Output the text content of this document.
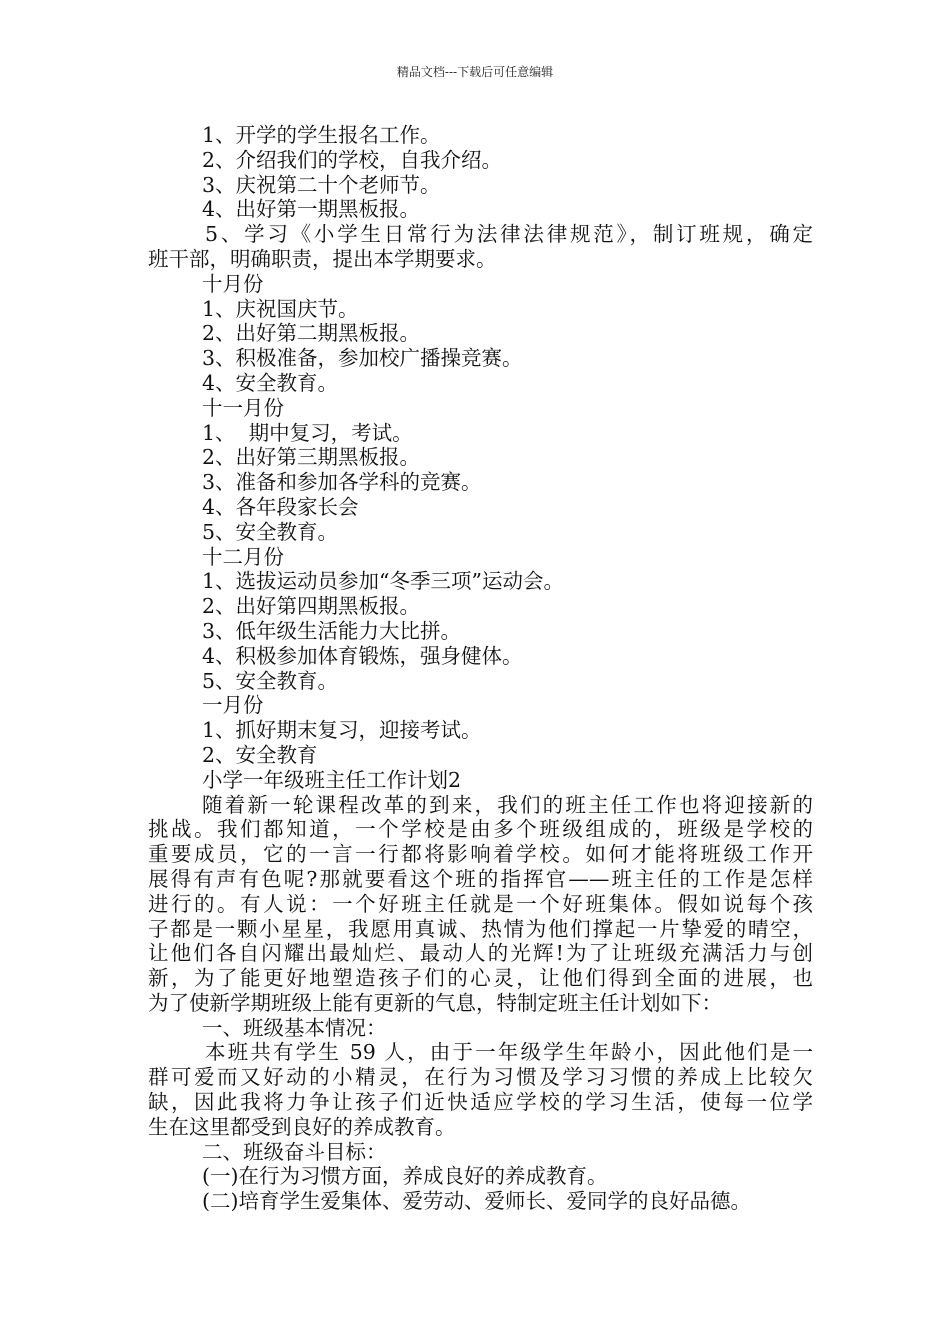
精品文档---下载后可任意编辑
1、开学的学生报名工作。
2、介绍我们的学校，自我介绍。
3、庆祝第二十个老师节。
4、出好第一期黑板报。
5、学习《小学生日常行为法律法律规范》，制订班规，确定
班干部，明确职责，提出本学期要求。
十月份
1、庆祝国庆节。
2、出好第二期黑板报。
3、积极准备，参加校广播操竞赛。
4、安全教育。
十一月份
1、  期中复习，考试。
2、出好第三期黑板报。
3、准备和参加各学科的竞赛。
4、各年段家长会
5、安全教育。
十二月份
1、选拔运动员参加“冬季三项”运动会。
2、出好第四期黑板报。
3、低年级生活能力大比拼。
4、积极参加体育锻炼，强身健体。
5、安全教育。
一月份
1、抓好期末复习，迎接考试。
2、安全教育
小学一年级班主任工作计划2
随着新一轮课程改革的到来，我们的班主任工作也将迎接新的
挑战。我们都知道，一个学校是由多个班级组成的，班级是学校的
重要成员，它的一言一行都将影响着学校。如何才能将班级工作开
展得有声有色呢?那就要看这个班的指挥官——班主任的工作是怎样
进行的。有人说：一个好班主任就是一个好班集体。假如说每个孩
子都是一颗小星星，我愿用真诚、热情为他们撑起一片挚爱的晴空，
让他们各自闪耀出最灿烂、最动人的光辉!为了让班级充满活力与创
新，为了能更好地塑造孩子们的心灵，让他们得到全面的进展，也
为了使新学期班级上能有更新的气息，特制定班主任计划如下：
一、班级基本情况：
本班共有学生 59 人，由于一年级学生年龄小，因此他们是一
群可爱而又好动的小精灵，在行为习惯及学习习惯的养成上比较欠
缺，因此我将力争让孩子们近快适应学校的学习生活，使每一位学
生在这里都受到良好的养成教育。
二、班级奋斗目标：
(一)在行为习惯方面，养成良好的养成教育。
(二)培育学生爱集体、爱劳动、爱师长、爱同学的良好品德。
